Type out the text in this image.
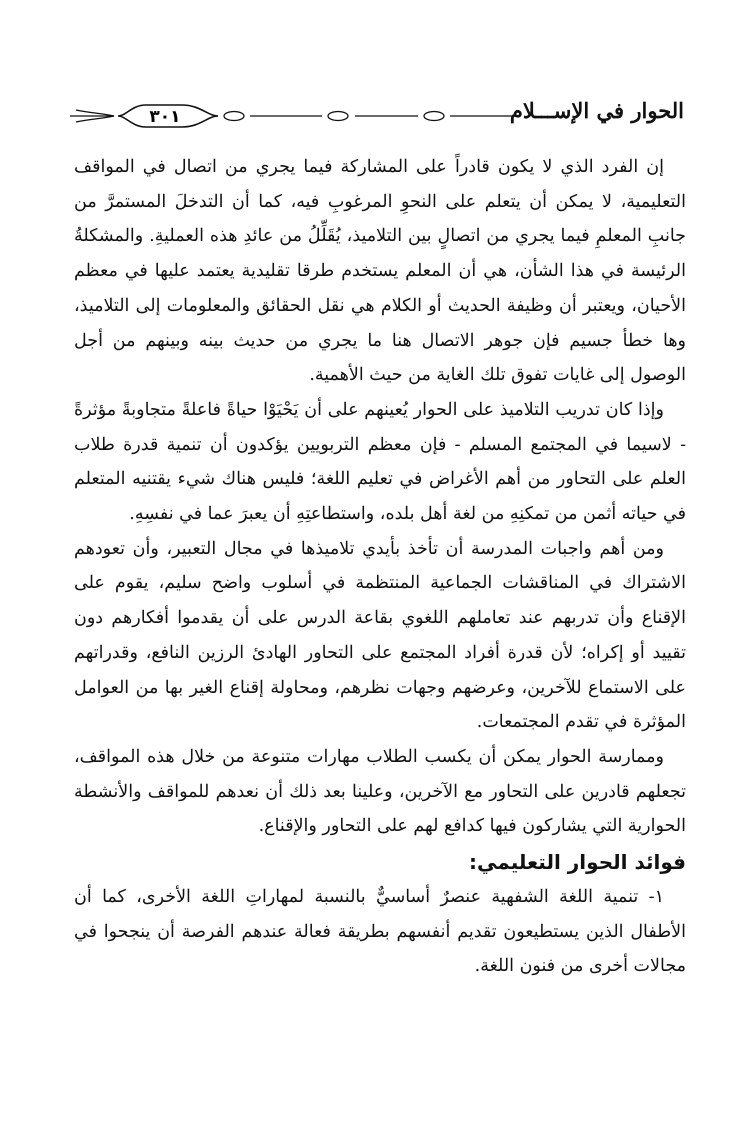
الحوار في الإســـلام
٣٠١

إن الفرد الذي لا يكون قادراً على المشاركة فيما يجري من اتصال في المواقف التعليمية، لا يمكن أن يتعلم على النحوِ المرغوبِ فيه، كما أن التدخلَ المستمرَّ من جانبِ المعلمِ فيما يجري من اتصالٍ بين التلاميذ، يُقَلِّلُ من عائدِ هذه العمليةِ. والمشكلةُ الرئيسة في هذا الشأن، هي أن المعلم يستخدم طرقا تقليدية يعتمد عليها في معظم الأحيان، ويعتبر أن وظيفة الحديث أو الكلام هي نقل الحقائق والمعلومات إلى التلاميذ، وها خطأ جسيم فإن جوهر الاتصال هنا ما يجري من حديث بينه وبينهم من أجل الوصول إلى غايات تفوق تلك الغاية من حيث الأهمية.

وإذا كان تدريب التلاميذ على الحوار يُعينهم على أن يَحْيَوْا حياةً فاعلةً متجاوبةً مؤثرةً - لاسيما في المجتمع المسلم - فإن معظم التربويين يؤكدون أن تنمية قدرة طلاب العلم على التحاور من أهم الأغراض في تعليم اللغة؛ فليس هناك شيء يقتنيه المتعلم في حياته أثمن من تمكنِهِ من لغة أهل بلده، واستطاعتِهِ أن يعبرَ عما في نفسِهِ.

ومن أهم واجبات المدرسة أن تأخذ بأيدي تلاميذها في مجال التعبير، وأن تعودهم الاشتراك في المناقشات الجماعية المنتظمة في أسلوب واضح سليم، يقوم على الإقناع وأن تدربهم عند تعاملهم اللغوي بقاعة الدرس على أن يقدموا أفكارهم دون تقييد أو إكراه؛ لأن قدرة أفراد المجتمع على التحاور الهادئ الرزين النافع، وقدراتهم على الاستماع للآخرين، وعرضهم وجهات نظرهم، ومحاولة إقناع الغير بها من العوامل المؤثرة في تقدم المجتمعات.

وممارسة الحوار يمكن أن يكسب الطلاب مهارات متنوعة من خلال هذه المواقف، تجعلهم قادرين على التحاور مع الآخرين، وعلينا بعد ذلك أن نعدهم للمواقف والأنشطة الحوارية التي يشاركون فيها كدافع لهم على التحاور والإقناع.

فوائد الحوار التعليمي:

١- تنمية اللغة الشفهية عنصرٌ أساسيٌّ بالنسبة لمهاراتِ اللغة الأخرى، كما أن الأطفال الذين يستطيعون تقديم أنفسهم بطريقة فعالة عندهم الفرصة أن ينجحوا في مجالات أخرى من فنون اللغة.
